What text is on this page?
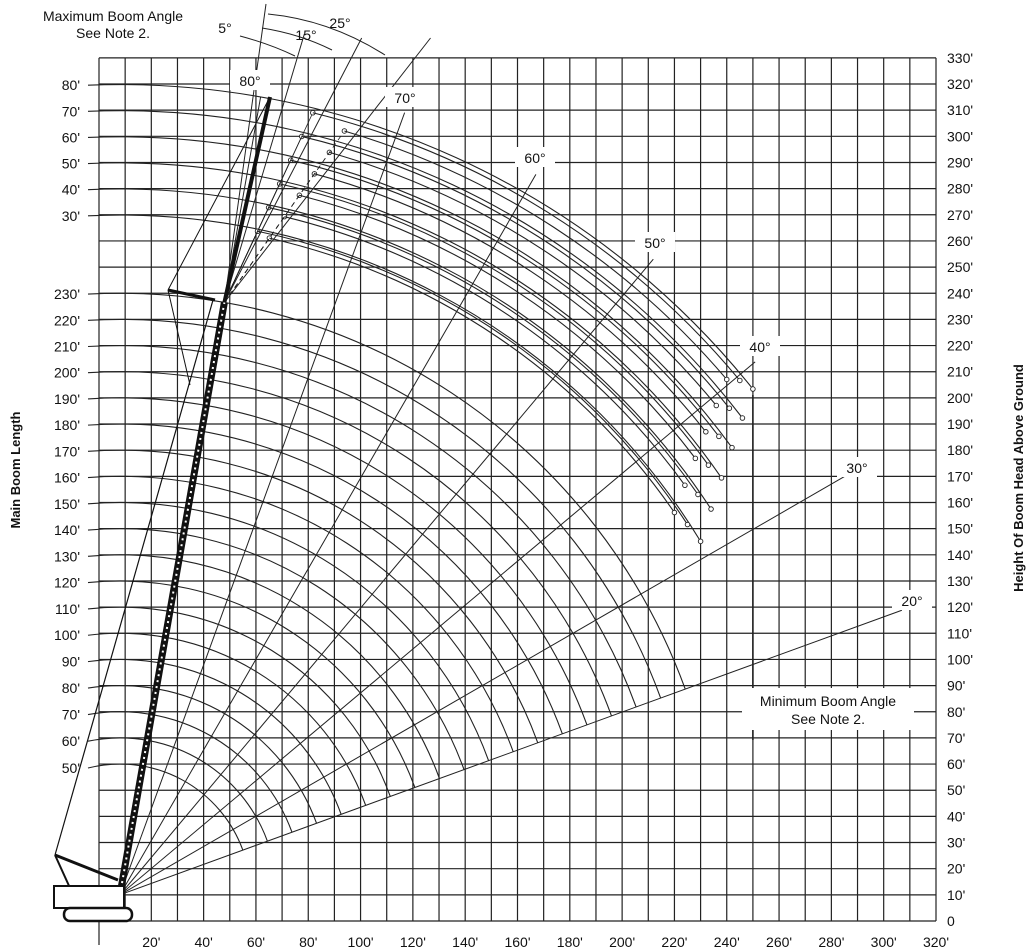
20' 40' 60' 80' 100' 120' 140' 160' 180' 200' 220' 240' 260' 280' 300' 320'
0
10'
20'
30'
40'
50'
60'
70'
80'
90'
100'
110'
120'
130'
140'
150'
160'
170'
180'
190'
200'
210'
220'
230'
240'
250'
260'
270'
280'
290'
300'
310'
320'
330'
50'
60'
70'
80'
90'
100'
110'
120'
130'
140'
150'
160'
170'
180'
190'
200'
210'
220'
230'
80°
70°
60°
50°
40°
30°
20°
30'
40'
50'
60'
70'
80'
5°	15°
25°
Maximum Boom Angle
See Note 2.
Minimum Boom Angle
See Note 2.
Main Boom Length	Height Of Boom Head Above Ground
